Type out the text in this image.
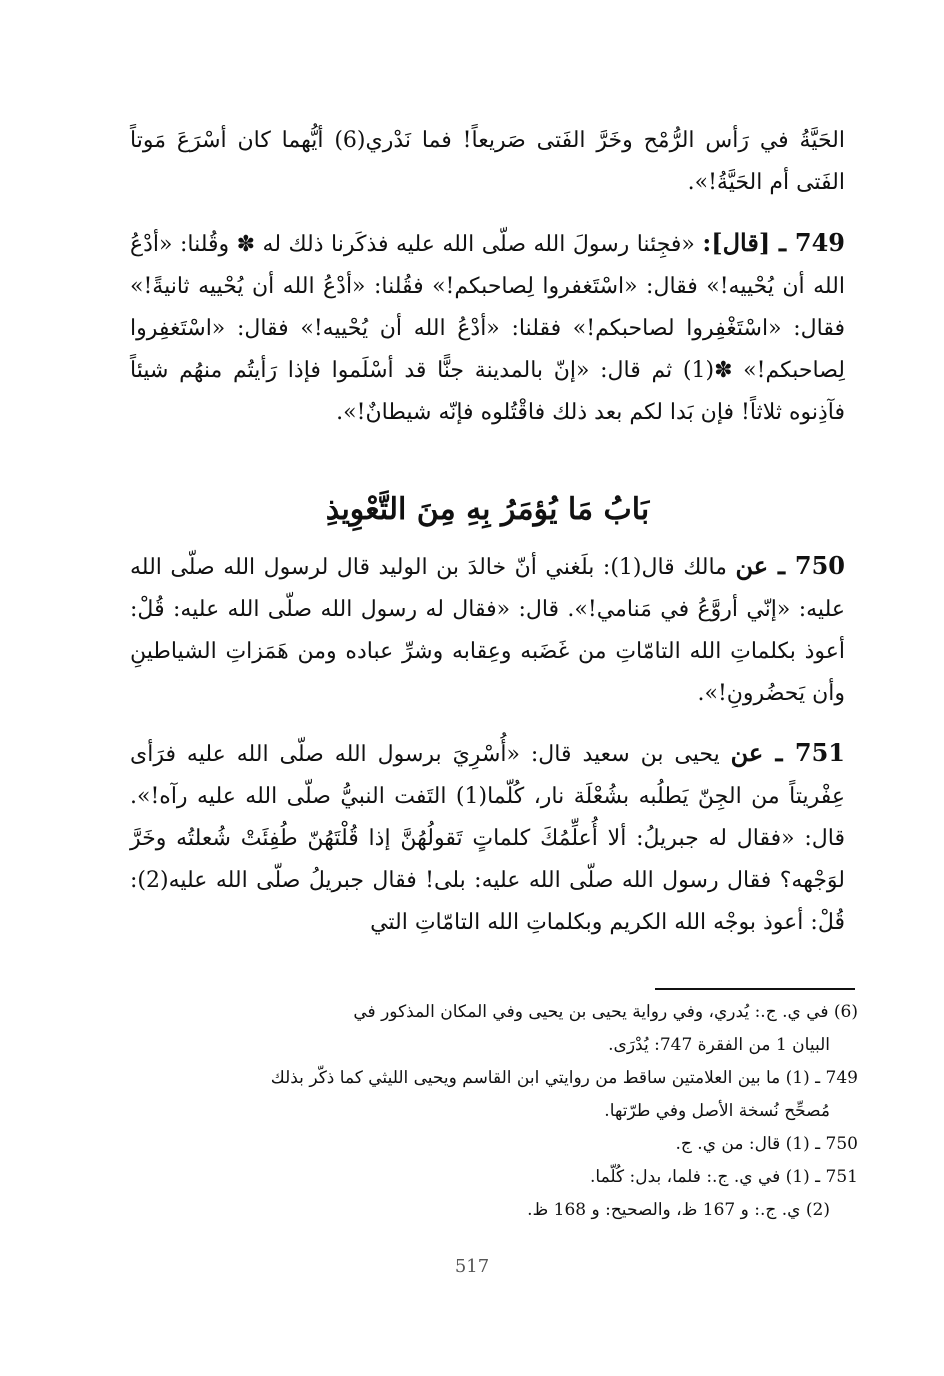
الحَيَّةُ في رَأس الرُّمْح وخَرَّ الفَتى صَريعاً! فما نَدْري(6) أيُّهما كان أسْرَعَ مَوتاً الفَتى أم الحَيَّةُ!».

749 ـ [قال]: «فجِئنا رسولَ الله صلّى الله عليه فذكَرنا ذلك له ✽ وقُلنا: «أدْعُ الله أن يُحْييه!» فقال: «اسْتَغفروا لِصاحبكم!» فقُلنا: «أدْعُ الله أن يُحْييه ثانيةً!» فقال: «اسْتَغْفِروا لصاحبكم!» فقلنا: «أدْعُ الله أن يُحْييه!» فقال: «اسْتَغفِروا لِصاحبكم!» ✽(1) ثم قال: «إنّ بالمدينة جنًّا قد أسْلَموا فإذا رَأيتُم منهُم شيئاً فآذِنوه ثلاثاً! فإن بَدا لكم بعد ذلك فاقْتُلوه فإنّه شيطانٌ!».

بَابُ مَا يُؤمَرُ بِهِ مِنَ التَّعْوِيذِ

750 ـ عن مالك قال(1): بلَغني أنّ خالدَ بن الوليد قال لرسول الله صلّى الله عليه: «إنّي أروَّعُ في مَنامي!». قال: «فقال له رسول الله صلّى الله عليه: قُلْ: أعوذ بكلماتِ الله التامّاتِ من غَضَبه وعِقابه وشرِّ عباده ومن هَمَزاتِ الشياطينِ وأن يَحضُرونِ!».

751 ـ عن يحيى بن سعيد قال: «أُسْرِيَ برسول الله صلّى الله عليه فرَأى عِفْريتاً من الجِنّ يَطلُبه بشُعْلَة نار، كُلّما(1) التَفت النبيُّ صلّى الله عليه رآه!». قال: «فقال له جبريلُ: ألا أُعلِّمُكَ كلماتٍ تَقولُهُنَّ إذا قُلْتَهُنّ طُفِئَتْ شُعلتُه وخَرَّ لوَجْهه؟ فقال رسول الله صلّى الله عليه: بلى! فقال جبريلُ صلّى الله عليه(2): قُلْ: أعوذ بوجْه الله الكريم وبكلماتِ الله التامّاتِ التي

(6) في ي. ج.: يُدري، وفي رواية يحيى بن يحيى وفي المكان المذكور في

البيان 1 من الفقرة 747: يُدْرَى.

749 ـ (1) ما بين العلامتين ساقط من روايتي ابن القاسم ويحيى الليثي كما ذكّر بذلك

مُصحِّح نُسخة الأصل وفي طرّتها.

750 ـ (1) قال: من ي. ج.

751 ـ (1) في ي. ج.: فلما، بدل: كُلّما.

(2) ي. ج.: و 167 ظ، والصحيح: و 168 ظ.

517
